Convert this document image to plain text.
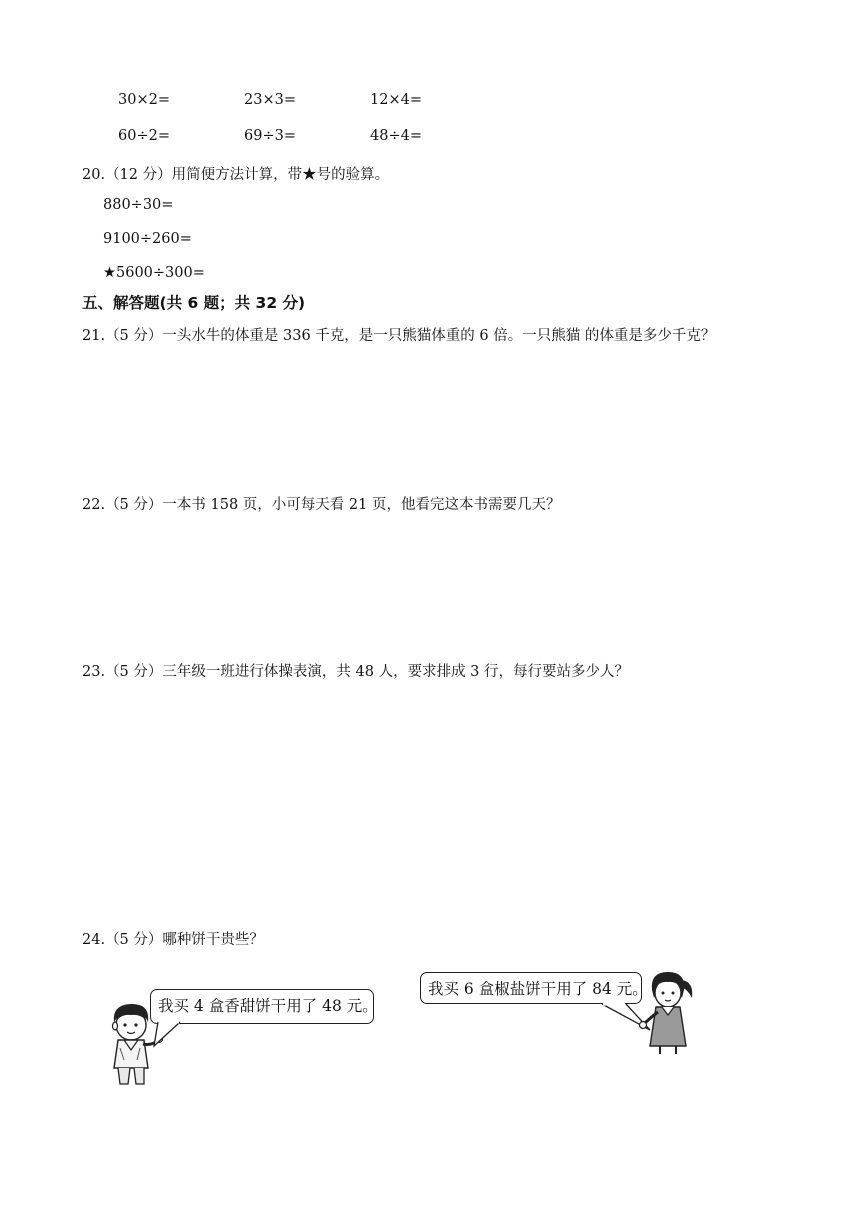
30×2=	23×3=	12×4=
60÷2=	69÷3=	48÷4=
20.（12 分）用简便方法计算，带★号的验算。
880÷30=
9100÷260=
★5600÷300=
五、解答题(共 6 题；共 32 分)
21.（5 分）一头水牛的体重是 336 千克，是一只熊猫体重的 6 倍。一只熊猫 的体重是多少千克？
22.（5 分）一本书 158 页，小可每天看 21 页，他看完这本书需要几天？
23.（5 分）三年级一班进行体操表演，共 48 人，要求排成 3 行，每行要站多少人？
24.（5 分）哪种饼干贵些？
我买 4 盒香甜饼干用了 48 元。
我买 6 盒椒盐饼干用了 84 元。
